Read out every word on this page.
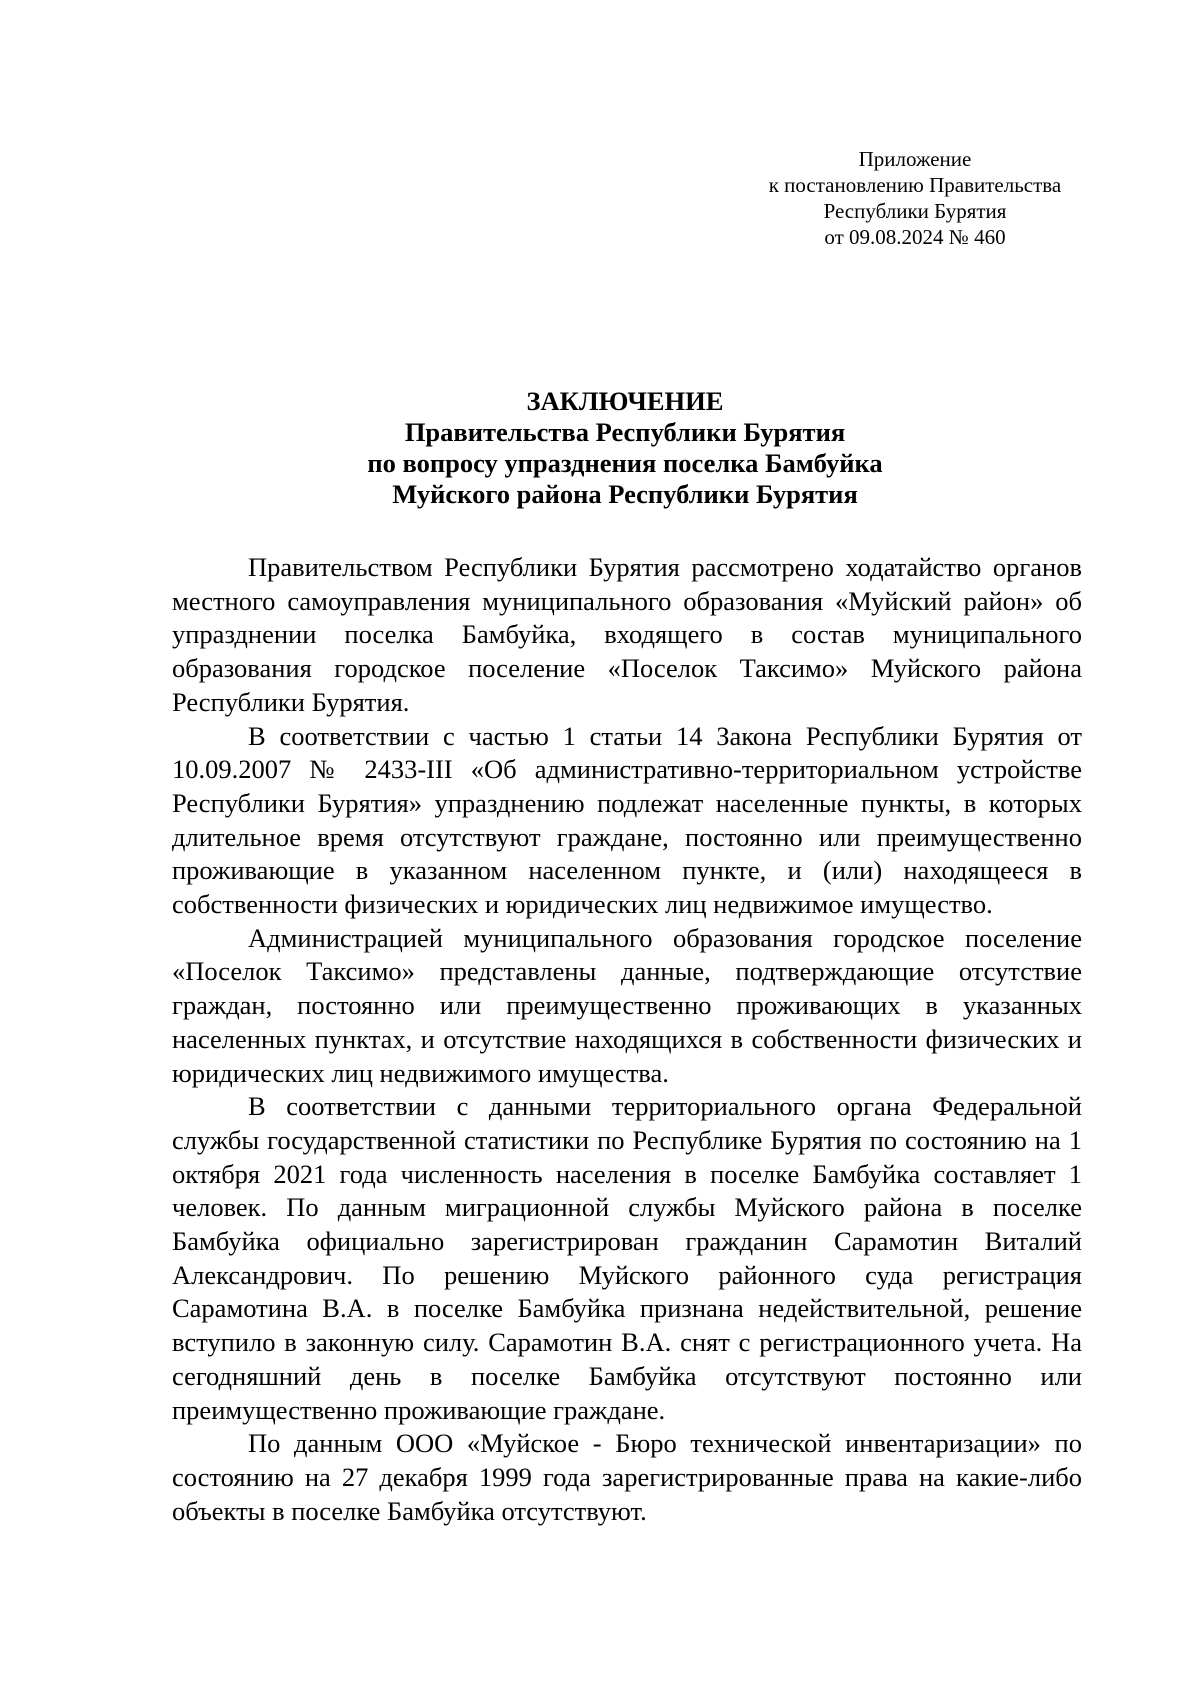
Приложение
к постановлению Правительства
Республики Бурятия
от 09.08.2024 № 460
ЗАКЛЮЧЕНИЕ
Правительства Республики Бурятия
по вопросу упразднения поселка Бамбуйка
Муйского района Республики Бурятия

Правительством Республики Бурятия рассмотрено ходатайство органов местного самоуправления муниципального образования «Муйский район» об упразднении поселка Бамбуйка, входящего в состав муниципального образования городское поселение «Поселок Таксимо» Муйского района Республики Бурятия.

В соответствии с частью 1 статьи 14 Закона Республики Бурятия от 10.09.2007 № 2433-III «Об административно-территориальном устройстве Республики Бурятия» упразднению подлежат населенные пункты, в которых длительное время отсутствуют граждане, постоянно или преимущественно проживающие в указанном населенном пункте, и (или) находящееся в собственности физических и юридических лиц недвижимое имущество.

Администрацией муниципального образования городское поселение «Поселок Таксимо» представлены данные, подтверждающие отсутствие граждан, постоянно или преимущественно проживающих в указанных населенных пунктах, и отсутствие находящихся в собственности физических и юридических лиц недвижимого имущества.

В соответствии с данными территориального органа Федеральной службы государственной статистики по Республике Бурятия по состоянию на 1 октября 2021 года численность населения в поселке Бамбуйка составляет 1 человек. По данным миграционной службы Муйского района в поселке Бамбуйка официально зарегистрирован гражданин Сарамотин Виталий Александрович. По решению Муйского районного суда регистрация Сарамотина В.А. в поселке Бамбуйка признана недействительной, решение вступило в законную силу. Сарамотин В.А. снят с регистрационного учета. На сегодняшний день в поселке Бамбуйка отсутствуют постоянно или преимущественно проживающие граждане.

По данным ООО «Муйское - Бюро технической инвентаризации» по состоянию на 27 декабря 1999 года зарегистрированные права на какие-либо объекты в поселке Бамбуйка отсутствуют.
